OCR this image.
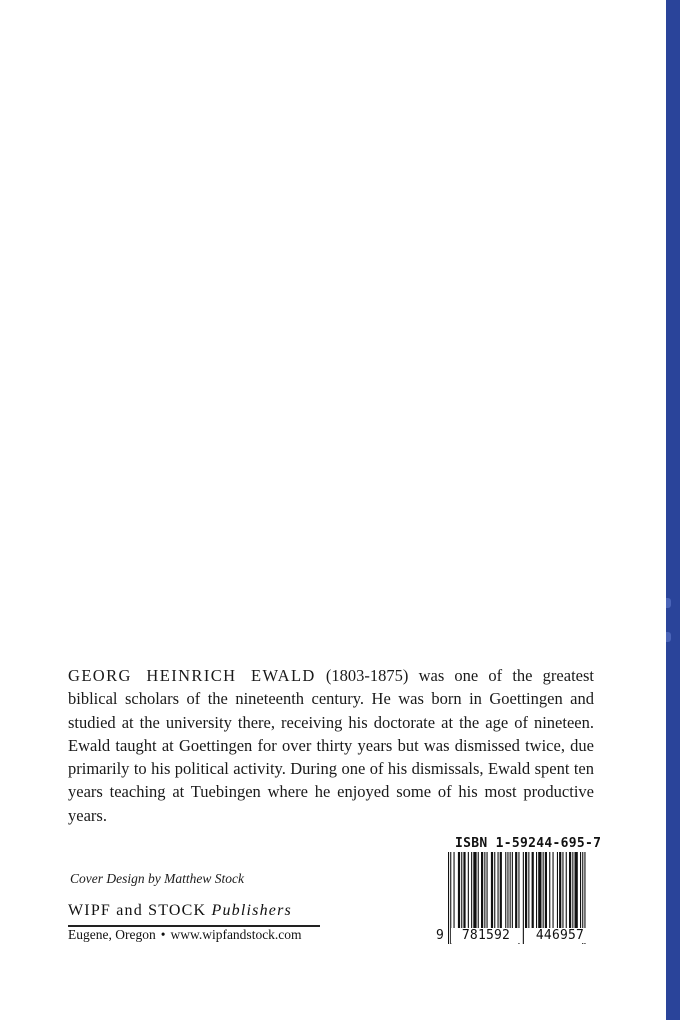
GEORG HEINRICH EWALD (1803-1875) was one of the greatest biblical scholars of the nineteenth century. He was born in Goettingen and studied at the university there, receiving his doctorate at the age of nineteen. Ewald taught at Goettingen for over thirty years but was dismissed twice, due primarily to his political activity. During one of his dismissals, Ewald spent ten years teaching at Tuebingen where he enjoyed some of his most productive years.
Cover Design by Matthew Stock
WIPF and STOCK Publishers
Eugene, Oregon • www.wipfandstock.com
ISBN 1-59244-695-7
9	781592	446957
